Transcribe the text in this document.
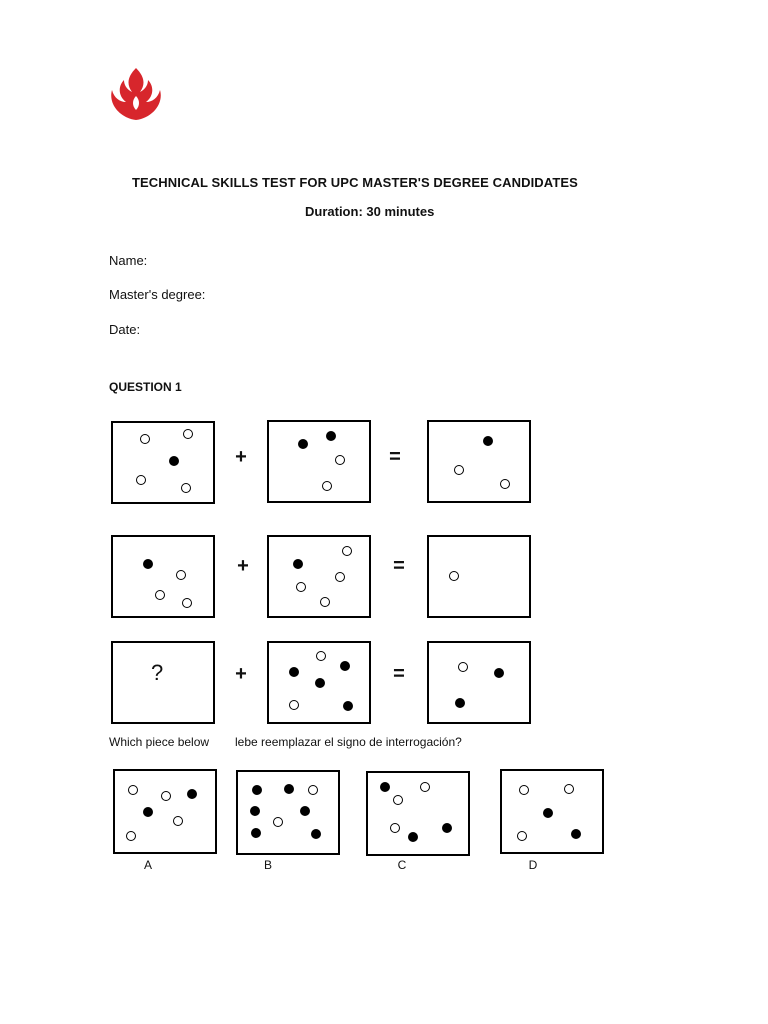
TECHNICAL SKILLS TEST FOR UPC MASTER'S DEGREE CANDIDATES
Duration: 30 minutes
Name:
Master's degree:
Date:
QUESTION 1
+	=
+	=
?	+	=
Which piece below lebe reemplazar el signo de interrogación?
A	B	C	D
